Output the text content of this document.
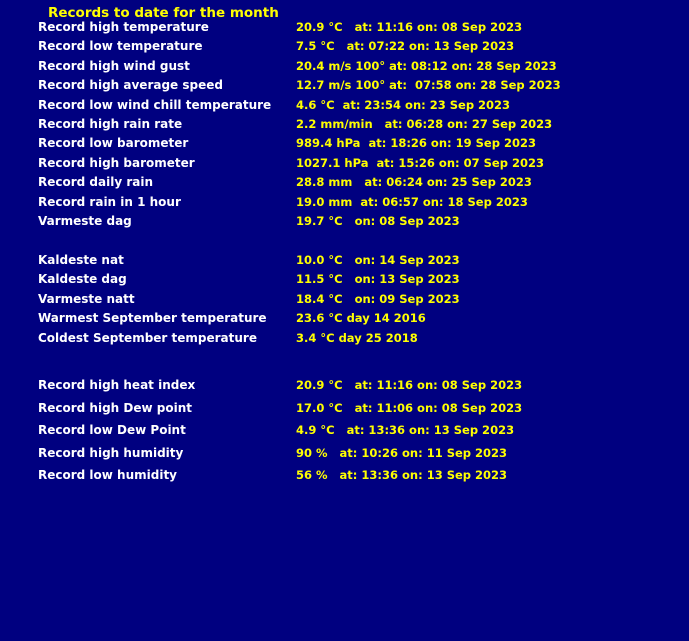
Records to date for the month
Record high temperature	20.9 °C   at: 11:16 on: 08 Sep 2023
Record low temperature	7.5 °C   at: 07:22 on: 13 Sep 2023
Record high wind gust	20.4 m/s 100° at: 08:12 on: 28 Sep 2023
Record high average speed	12.7 m/s 100° at:  07:58 on: 28 Sep 2023
Record low wind chill temperature	4.6 °C  at: 23:54 on: 23 Sep 2023
Record high rain rate	2.2 mm/min   at: 06:28 on: 27 Sep 2023
Record low barometer	989.4 hPa  at: 18:26 on: 19 Sep 2023
Record high barometer	1027.1 hPa  at: 15:26 on: 07 Sep 2023
Record daily rain	28.8 mm   at: 06:24 on: 25 Sep 2023
Record rain in 1 hour	19.0 mm  at: 06:57 on: 18 Sep 2023
Varmeste dag	19.7 °C   on: 08 Sep 2023
Kaldeste nat	10.0 °C   on: 14 Sep 2023
Kaldeste dag	11.5 °C   on: 13 Sep 2023
Varmeste natt	18.4 °C   on: 09 Sep 2023
Warmest September temperature	23.6 °C day 14 2016
Coldest September temperature	3.4 °C day 25 2018
Record high heat index	20.9 °C   at: 11:16 on: 08 Sep 2023
Record high Dew point	17.0 °C   at: 11:06 on: 08 Sep 2023
Record low Dew Point	4.9 °C   at: 13:36 on: 13 Sep 2023
Record high humidity	90 %   at: 10:26 on: 11 Sep 2023
Record low humidity	56 %   at: 13:36 on: 13 Sep 2023
